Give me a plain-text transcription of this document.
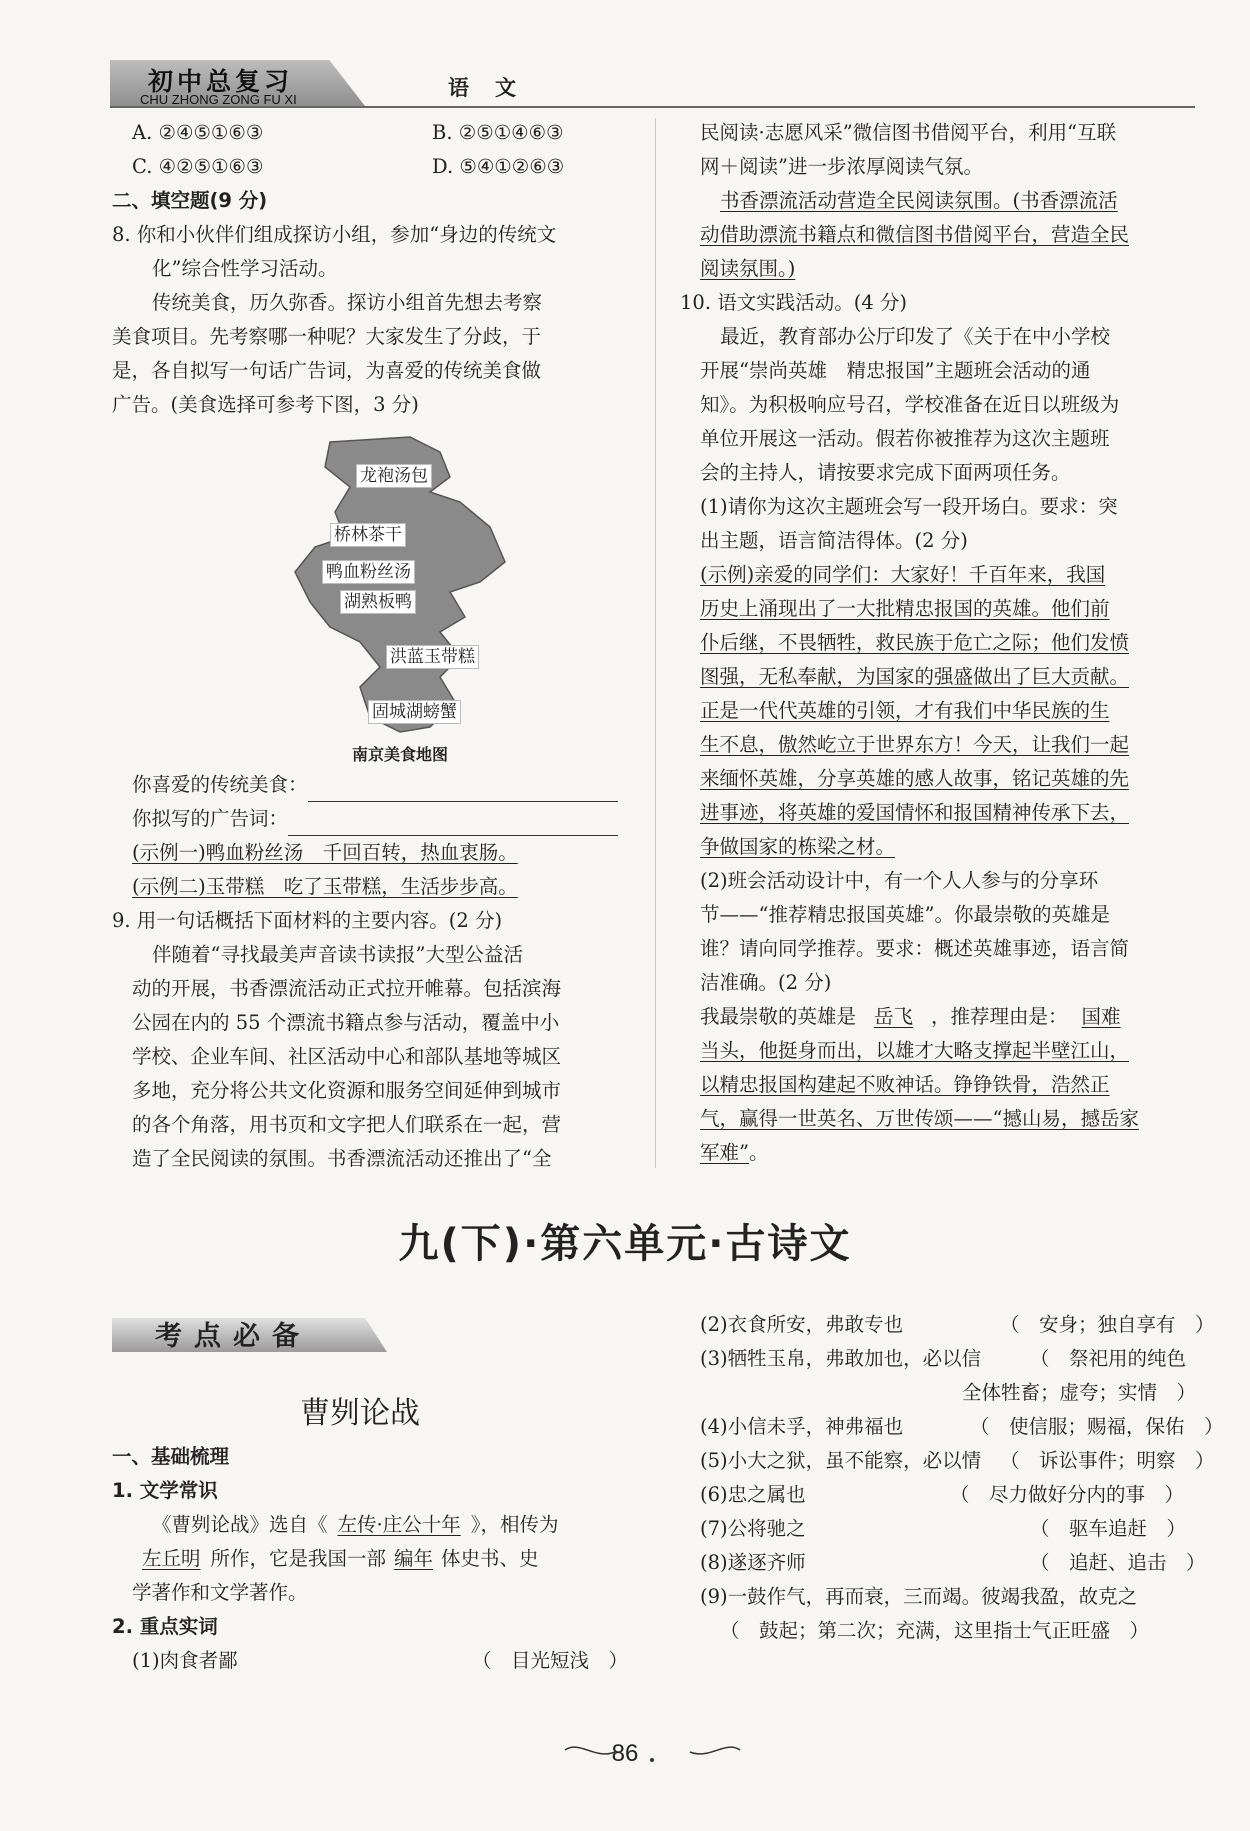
初中总复习
CHU ZHONG ZONG FU XI	语文

A. ②④⑤①⑥③	B. ②⑤①④⑥③

C. ④②⑤①⑥③	D. ⑤④①②⑥③

二、填空题(9 分)

8. 你和小伙伴们组成探访小组，参加“身边的传统文

化”综合性学习活动。

传统美食，历久弥香。探访小组首先想去考察

美食项目。先考察哪一种呢？大家发生了分歧，于

是，各自拟写一句话广告词，为喜爱的传统美食做

广告。(美食选择可参考下图，3 分)

龙袍汤包
桥林茶干
鸭血粉丝汤
湖熟板鸭
洪蓝玉带糕
固城湖螃蟹
南京美食地图

你喜爱的传统美食：

你拟写的广告词：

(示例一)鸭血粉丝汤　千回百转，热血衷肠。

(示例二)玉带糕　吃了玉带糕，生活步步高。

9. 用一句话概括下面材料的主要内容。(2 分)

伴随着“寻找最美声音读书读报”大型公益活

动的开展，书香漂流活动正式拉开帷幕。包括滨海

公园在内的 55 个漂流书籍点参与活动，覆盖中小

学校、企业车间、社区活动中心和部队基地等城区

多地，充分将公共文化资源和服务空间延伸到城市

的各个角落，用书页和文字把人们联系在一起，营

造了全民阅读的氛围。书香漂流活动还推出了“全

民阅读·志愿风采”微信图书借阅平台，利用“互联

网＋阅读”进一步浓厚阅读气氛。

书香漂流活动营造全民阅读氛围。(书香漂流活

动借助漂流书籍点和微信图书借阅平台，营造全民

阅读氛围。)

10. 语文实践活动。(4 分)

最近，教育部办公厅印发了《关于在中小学校

开展“崇尚英雄　精忠报国”主题班会活动的通

知》。为积极响应号召，学校准备在近日以班级为

单位开展这一活动。假若你被推荐为这次主题班

会的主持人，请按要求完成下面两项任务。

(1)请你为这次主题班会写一段开场白。要求：突

出主题，语言简洁得体。(2 分)

(示例)亲爱的同学们：大家好！千百年来，我国

历史上涌现出了一大批精忠报国的英雄。他们前

仆后继，不畏牺牲，救民族于危亡之际；他们发愤

图强，无私奉献，为国家的强盛做出了巨大贡献。

正是一代代英雄的引领，才有我们中华民族的生

生不息，傲然屹立于世界东方！今天，让我们一起

来缅怀英雄，分享英雄的感人故事，铭记英雄的先

进事迹，将英雄的爱国情怀和报国精神传承下去，

争做国家的栋梁之材。

(2)班会活动设计中，有一个人人参与的分享环

节——“推荐精忠报国英雄”。你最崇敬的英雄是

谁？请向同学推荐。要求：概述英雄事迹，语言简

洁准确。(2 分)

我最崇敬的英雄是 岳飞 ，推荐理由是： 国难

当头，他挺身而出，以雄才大略支撑起半壁江山，

以精忠报国构建起不败神话。铮铮铁骨，浩然正

气，赢得一世英名、万世传颂——“撼山易，撼岳家

军难”。

九(下)·第六单元·古诗文
考点必备
曹刿论战

一、基础梳理

1. 文学常识

《曹刿论战》选自《 左传·庄公十年 》，相传为

左丘明 所作，它是我国一部 编年 体史书、史

学著作和文学著作。

2. 重点实词

(1)肉食者鄙	（　目光短浅　）

(2)衣食所安，弗敢专也	（　安身；独自享有　）

(3)牺牲玉帛，弗敢加也，必以信	（　祭祀用的纯色

全体牲畜；虚夸；实情　）

(4)小信未孚，神弗福也	（　使信服；赐福，保佑　）

(5)小大之狱，虽不能察，必以情 （　诉讼事件；明察　）

(6)忠之属也	（　尽力做好分内的事　）

(7)公将驰之	（　驱车追赶　）

(8)遂逐齐师	（　追赶、追击　）

(9)一鼓作气，再而衰，三而竭。彼竭我盈，故克之

（　鼓起；第二次；充满，这里指士气正旺盛　）

86
